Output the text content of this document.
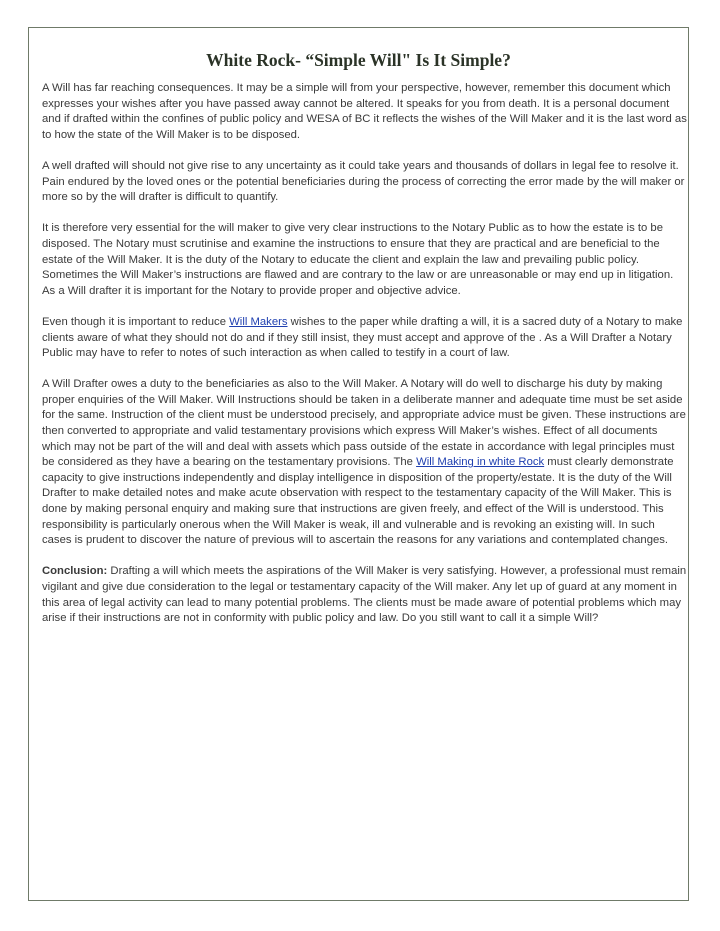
White Rock- “Simple Will" Is It Simple?

A Will has far reaching consequences. It may be a simple will from your perspective, however, remember this document which expresses your wishes after you have passed away cannot be altered. It speaks for you from death. It is a personal document and if drafted within the confines of public policy and WESA of BC it reflects the wishes of the Will Maker and it is the last word as to how the state of the Will Maker is to be disposed.

A well drafted will should not give rise to any uncertainty as it could take years and thousands of dollars in legal fee to resolve it. Pain endured by the loved ones or the potential beneficiaries during the process of correcting the error made by the will maker or more so by the will drafter is difficult to quantify.

It is therefore very essential for the will maker to give very clear instructions to the Notary Public as to how the estate is to be disposed. The Notary must scrutinise and examine the instructions to ensure that they are practical and are beneficial to the estate of the Will Maker. It is the duty of the Notary to educate the client and explain the law and prevailing public policy. Sometimes the Will Maker’s instructions are flawed and are contrary to the law or are unreasonable or may end up in litigation. As a Will drafter it is important for the Notary to provide proper and objective advice.

Even though it is important to reduce Will Makers wishes to the paper while drafting a will, it is a sacred duty of a Notary to make clients aware of what they should not do and if they still insist, they must accept and approve of the . As a Will Drafter a Notary Public may have to refer to notes of such interaction as when called to testify in a court of law.

A Will Drafter owes a duty to the beneficiaries as also to the Will Maker. A Notary will do well to discharge his duty by making proper enquiries of the Will Maker. Will Instructions should be taken in a deliberate manner and adequate time must be set aside for the same. Instruction of the client must be understood precisely, and appropriate advice must be given. These instructions are then converted to appropriate and valid testamentary provisions which express Will Maker’s wishes. Effect of all documents which may not be part of the will and deal with assets which pass outside of the estate in accordance with legal principles must be considered as they have a bearing on the testamentary provisions. The Will Making in white Rock must clearly demonstrate capacity to give instructions independently and display intelligence in disposition of the property/estate. It is the duty of the Will Drafter to make detailed notes and make acute observation with respect to the testamentary capacity of the Will Maker. This is done by making personal enquiry and making sure that instructions are given freely, and effect of the Will is understood. This responsibility is particularly onerous when the Will Maker is weak, ill and vulnerable and is revoking an existing will. In such cases is prudent to discover the nature of previous will to ascertain the reasons for any variations and contemplated changes.

Conclusion: Drafting a will which meets the aspirations of the Will Maker is very satisfying. However, a professional must remain vigilant and give due consideration to the legal or testamentary capacity of the Will maker. Any let up of guard at any moment in this area of legal activity can lead to many potential problems. The clients must be made aware of potential problems which may arise if their instructions are not in conformity with public policy and law. Do you still want to call it a simple Will?
